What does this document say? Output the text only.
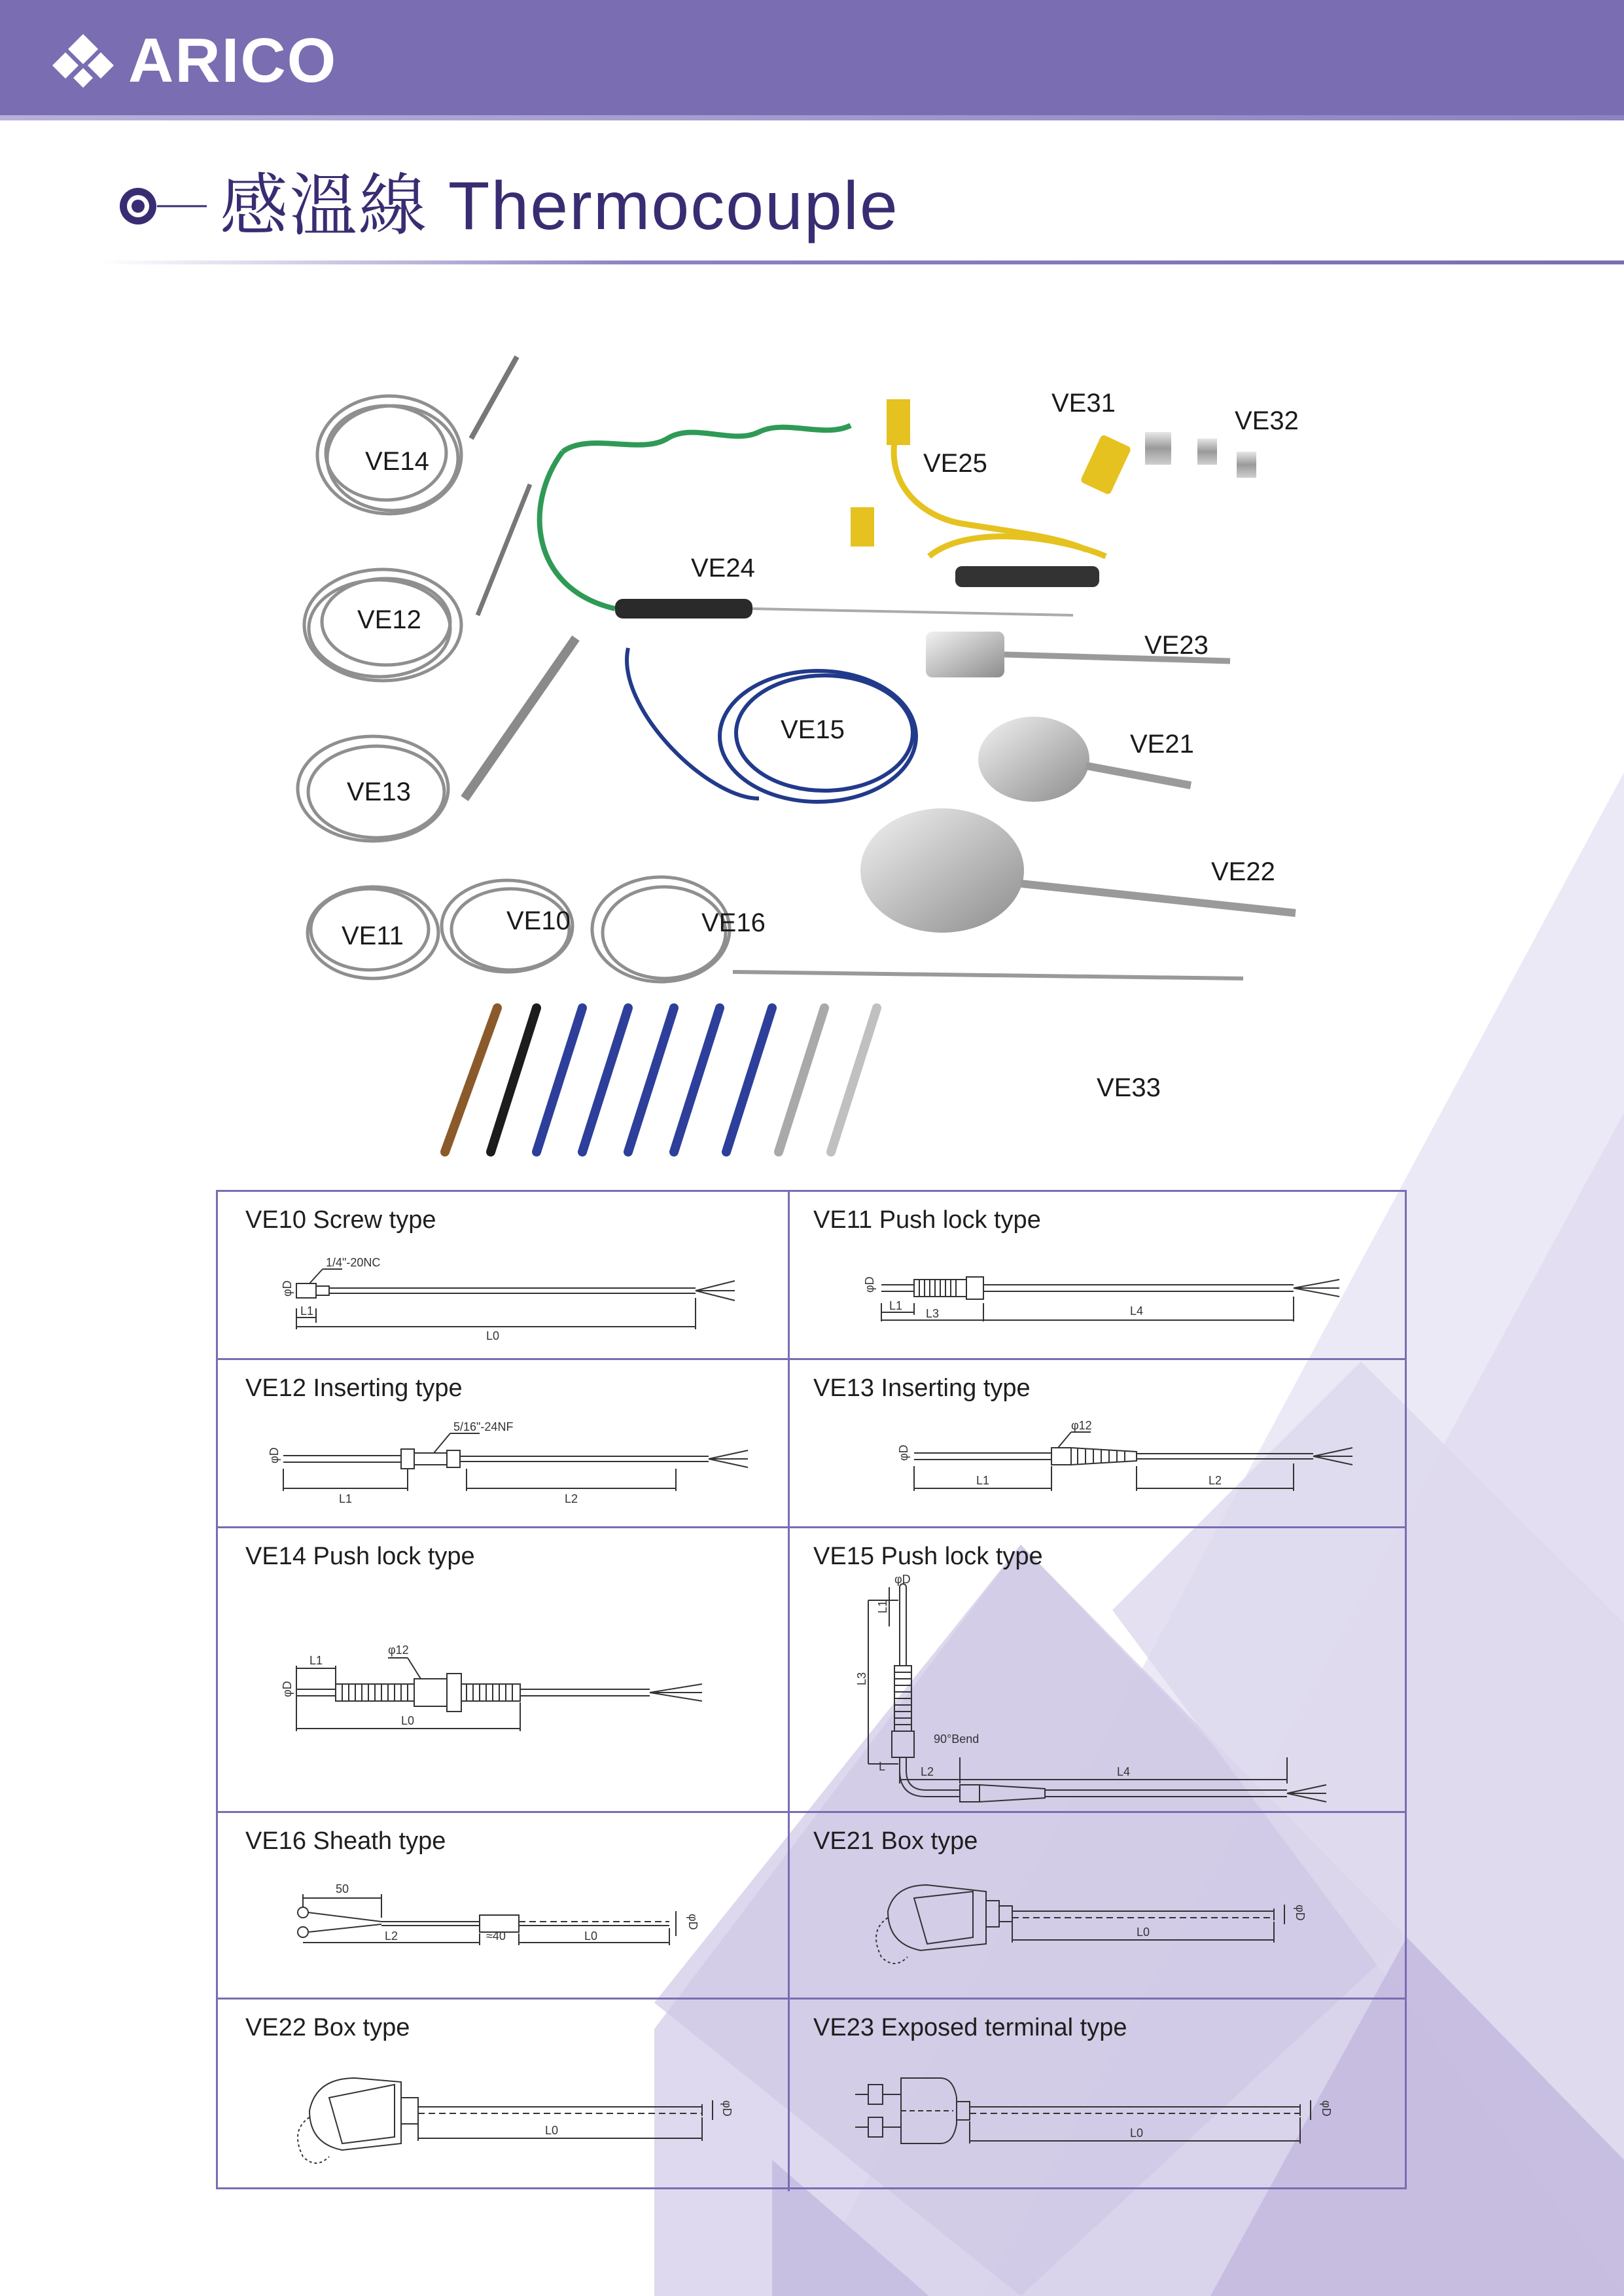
ARICO
感溫線 Thermocouple
VE14
VE12
VE13
VE11
VE10	VE16
VE24
VE25
VE31
VE32
VE23
VE15	VE21
VE22
VE33
VE10 Screw type
1/4"-20NC
φD
L1
L0
VE11 Push lock type
φD
L1
L3	L4
VE12 Inserting type
5/16"-24NF
φD
L1	L2
VE13 Inserting type
φ12
φD
L1	L2
VE14 Push lock type
L1
φ12
φD
L0
VE15 Push lock type
φD
L1
L3
90°Bend
L	L2	L4
VE16 Sheath type
50
φD
L2	≈40	L0
VE21 Box type
φD
L0
VE22 Box type
φD
L0
VE23 Exposed terminal type
φD
L0
